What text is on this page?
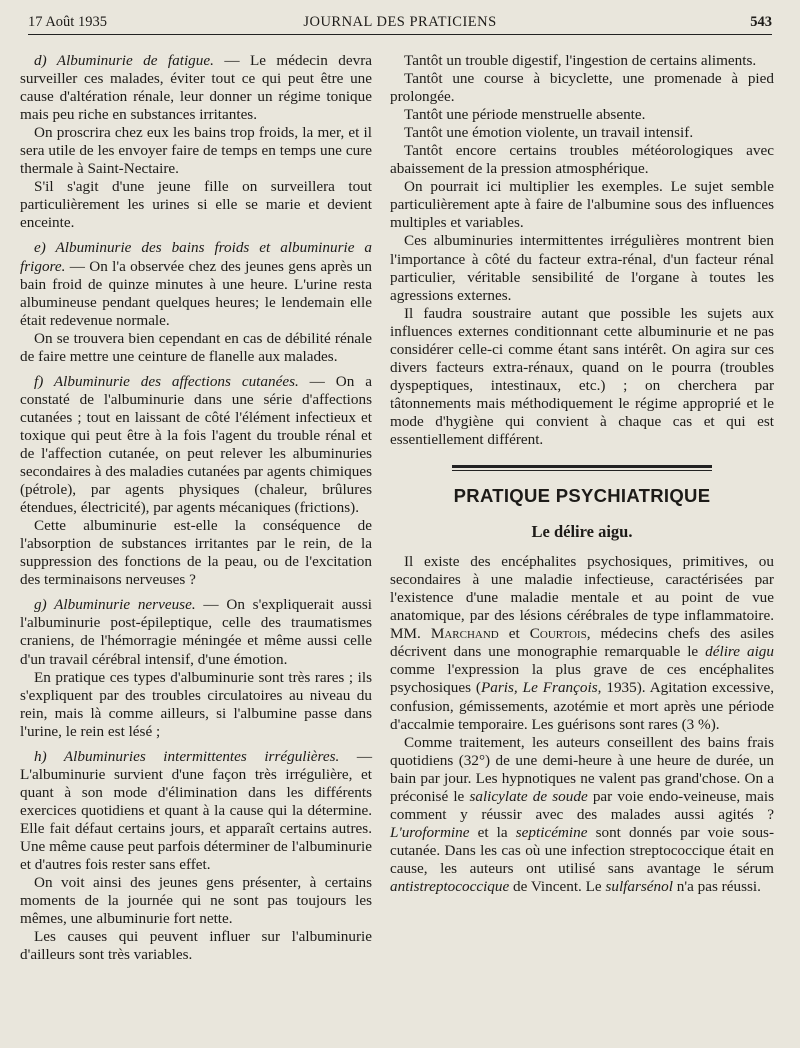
17 Août 1935	JOURNAL DES PRATICIENS	543

d) Albuminurie de fatigue. — Le médecin devra surveiller ces malades, éviter tout ce qui peut être une cause d'altération rénale, leur donner un régime tonique mais peu riche en substances irritantes.

On proscrira chez eux les bains trop froids, la mer, et il sera utile de les envoyer faire de temps en temps une cure thermale à Saint-Nectaire.

S'il s'agit d'une jeune fille on surveillera tout particulièrement les urines si elle se marie et devient enceinte.

e) Albuminurie des bains froids et albuminurie a frigore. — On l'a observée chez des jeunes gens après un bain froid de quinze minutes à une heure. L'urine resta albumineuse pendant quelques heures; le lendemain elle était redevenue normale.

On se trouvera bien cependant en cas de débilité rénale de faire mettre une ceinture de flanelle aux malades.

f) Albuminurie des affections cutanées. — On a constaté de l'albuminurie dans une série d'affections cutanées ; tout en laissant de côté l'élément infectieux et toxique qui peut être à la fois l'agent du trouble rénal et de l'affection cutanée, on peut relever les albuminuries secondaires à des maladies cutanées par agents chimiques (pétrole), par agents physiques (chaleur, brûlures étendues, électricité), par agents mécaniques (frictions).

Cette albuminurie est-elle la conséquence de l'absorption de substances irritantes par le rein, de la suppression des fonctions de la peau, ou de l'excitation des terminaisons nerveuses ?

g) Albuminurie nerveuse. — On s'expliquerait aussi l'albuminurie post-épileptique, celle des traumatismes craniens, de l'hémorragie méningée et même aussi celle d'un travail cérébral intensif, d'une émotion.

En pratique ces types d'albuminurie sont très rares ; ils s'expliquent par des troubles circulatoires au niveau du rein, mais là comme ailleurs, si l'albumine passe dans l'urine, le rein est lésé ;

h) Albuminuries intermittentes irrégulières. — L'albuminurie survient d'une façon très irrégulière, et quant à son mode d'élimination dans les différents exercices quotidiens et quant à la cause qui la détermine. Elle fait défaut certains jours, et apparaît certains autres. Une même cause peut parfois déterminer de l'albuminurie et d'autres fois rester sans effet.

On voit ainsi des jeunes gens présenter, à certains moments de la journée qui ne sont pas toujours les mêmes, une albuminurie fort nette.

Les causes qui peuvent influer sur l'albuminurie d'ailleurs sont très variables.

Tantôt un trouble digestif, l'ingestion de certains aliments.

Tantôt une course à bicyclette, une promenade à pied prolongée.

Tantôt une période menstruelle absente.

Tantôt une émotion violente, un travail intensif.

Tantôt encore certains troubles météorologiques avec abaissement de la pression atmosphérique.

On pourrait ici multiplier les exemples. Le sujet semble particulièrement apte à faire de l'albumine sous des influences multiples et variables.

Ces albuminuries intermittentes irrégulières montrent bien l'importance à côté du facteur extra-rénal, d'un facteur rénal particulier, véritable sensibilité de l'organe à toutes les agressions externes.

Il faudra soustraire autant que possible les sujets aux influences externes conditionnant cette albuminurie et ne pas considérer celle-ci comme étant sans intérêt. On agira sur ces divers facteurs extra-rénaux, quand on le pourra (troubles dyspeptiques, intestinaux, etc.) ; on cherchera par tâtonnements mais méthodiquement le régime approprié et le mode d'hygiène qui convient à chaque cas et qui est essentiellement différent.

PRATIQUE PSYCHIATRIQUE
Le délire aigu.

Il existe des encéphalites psychosiques, primitives, ou secondaires à une maladie infectieuse, caractérisées par l'existence d'une maladie mentale et au point de vue anatomique, par des lésions cérébrales de type inflammatoire. MM. Marchand et Courtois, médecins chefs des asiles décrivent dans une monographie remarquable le délire aigu comme l'expression la plus grave de ces encéphalites psychosiques (Paris, Le François, 1935). Agitation excessive, confusion, gémissements, azotémie et mort après une période d'accalmie temporaire. Les guérisons sont rares (3 %).

Comme traitement, les auteurs conseillent des bains frais quotidiens (32°) de une demi-heure à une heure de durée, un bain par jour. Les hypnotiques ne valent pas grand'chose. On a préconisé le salicylate de soude par voie endo-veineuse, mais comment y réussir avec des malades aussi agités ? L'uroformine et la septicémine sont donnés par voie sous-cutanée. Dans les cas où une infection streptococcique était en cause, les auteurs ont utilisé sans avantage le sérum antistreptococcique de Vincent. Le sulfarsénol n'a pas réussi.
